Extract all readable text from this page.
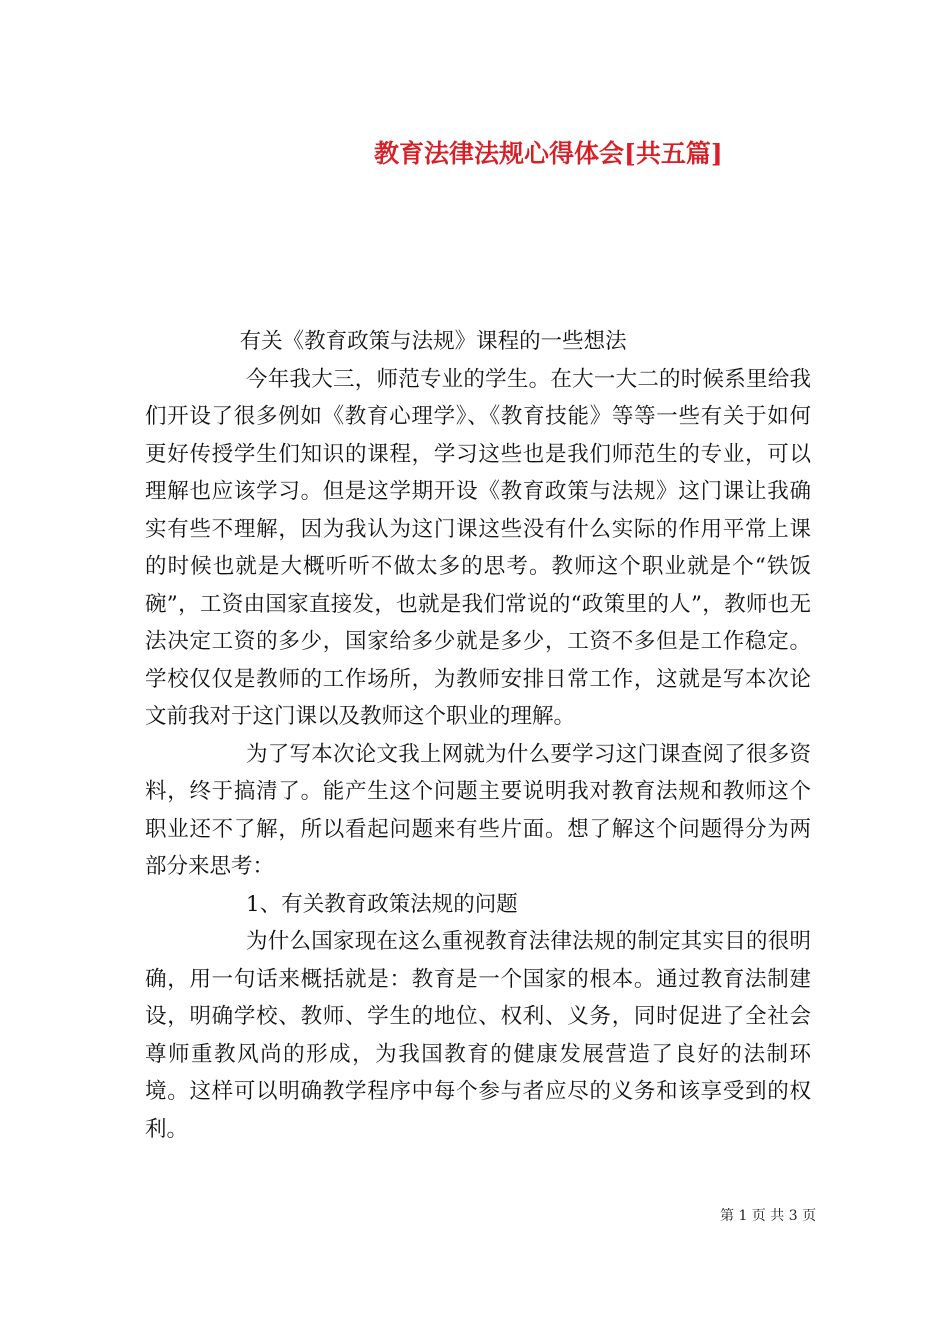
教育法律法规心得体会[共五篇]

有关《教育政策与法规》课程的一些想法

今年我大三，师范专业的学生。在大一大二的时候系里给我们开设了很多例如《教育心理学》、《教育技能》等等一些有关于如何更好传授学生们知识的课程，学习这些也是我们师范生的专业，可以理解也应该学习。但是这学期开设《教育政策与法规》这门课让我确实有些不理解，因为我认为这门课这些没有什么实际的作用平常上课的时候也就是大概听听不做太多的思考。教师这个职业就是个“铁饭碗”，工资由国家直接发，也就是我们常说的“政策里的人”，教师也无法决定工资的多少，国家给多少就是多少，工资不多但是工作稳定。学校仅仅是教师的工作场所，为教师安排日常工作，这就是写本次论文前我对于这门课以及教师这个职业的理解。

为了写本次论文我上网就为什么要学习这门课查阅了很多资料，终于搞清了。能产生这个问题主要说明我对教育法规和教师这个职业还不了解，所以看起问题来有些片面。想了解这个问题得分为两部分来思考：

1、有关教育政策法规的问题

为什么国家现在这么重视教育法律法规的制定其实目的很明确，用一句话来概括就是：教育是一个国家的根本。通过教育法制建设，明确学校、教师、学生的地位、权利、义务，同时促进了全社会尊师重教风尚的形成，为我国教育的健康发展营造了良好的法制环境。这样可以明确教学程序中每个参与者应尽的义务和该享受到的权利。

第 1 页 共 3 页
